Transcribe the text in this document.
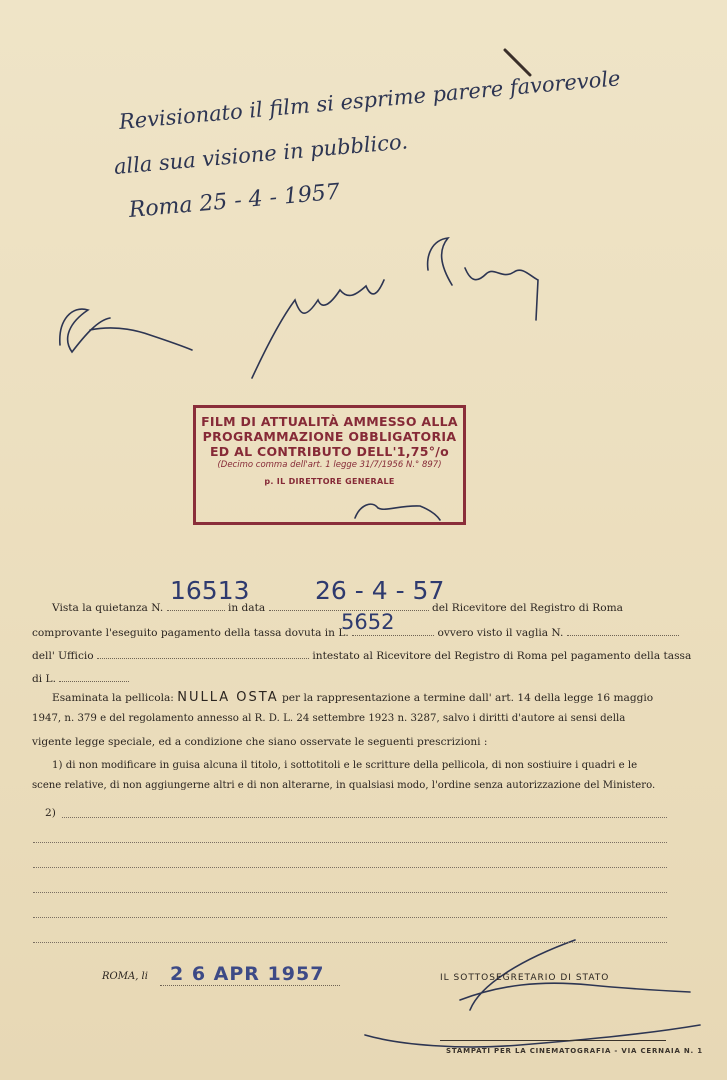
Revisionato il film si esprime parere favorevole
alla sua visione in pubblico.
Roma 25 - 4 - 1957
FILM DI ATTUALITÀ AMMESSO ALLA
PROGRAMMAZIONE OBBLIGATORIA
ED AL CONTRIBUTO DELL'1,75°/o
(Decimo comma dell'art. 1 legge 31/7/1956 N.° 897)
p. IL DIRETTORE GENERALE
16513	26 - 4 - 57
5652
Vista la quietanza N.	in data	del Ricevitore del Registro di Roma
comprovante l'eseguito pagamento della tassa dovuta in L.	ovvero visto il vaglia N.
dell' Ufficio	intestato al Ricevitore del Registro di Roma pel pagamento della tassa
di L.
Esaminata la pellicola: NULLA OSTA per la rappresentazione a termine dall' art. 14 della legge 16 maggio
1947, n. 379 e del regolamento annesso al R. D. L. 24 settembre 1923 n. 3287, salvo i diritti d'autore ai sensi della
vigente legge speciale, ed a condizione che siano osservate le seguenti prescrizioni :
1) di non modificare in guisa alcuna il titolo, i sottotitoli e le scritture della pellicola, di non sostiuire i quadri e le
scene relative, di non aggiungerne altri e di non alterarne, in qualsiasi modo, l'ordine senza autorizzazione del Ministero.
2)
ROMA, li 2 6 APR 1957	IL SOTTOSEGRETARIO DI STATO
STAMPATI PER LA CINEMATOGRAFIA - VIA CERNAIA N. 1
